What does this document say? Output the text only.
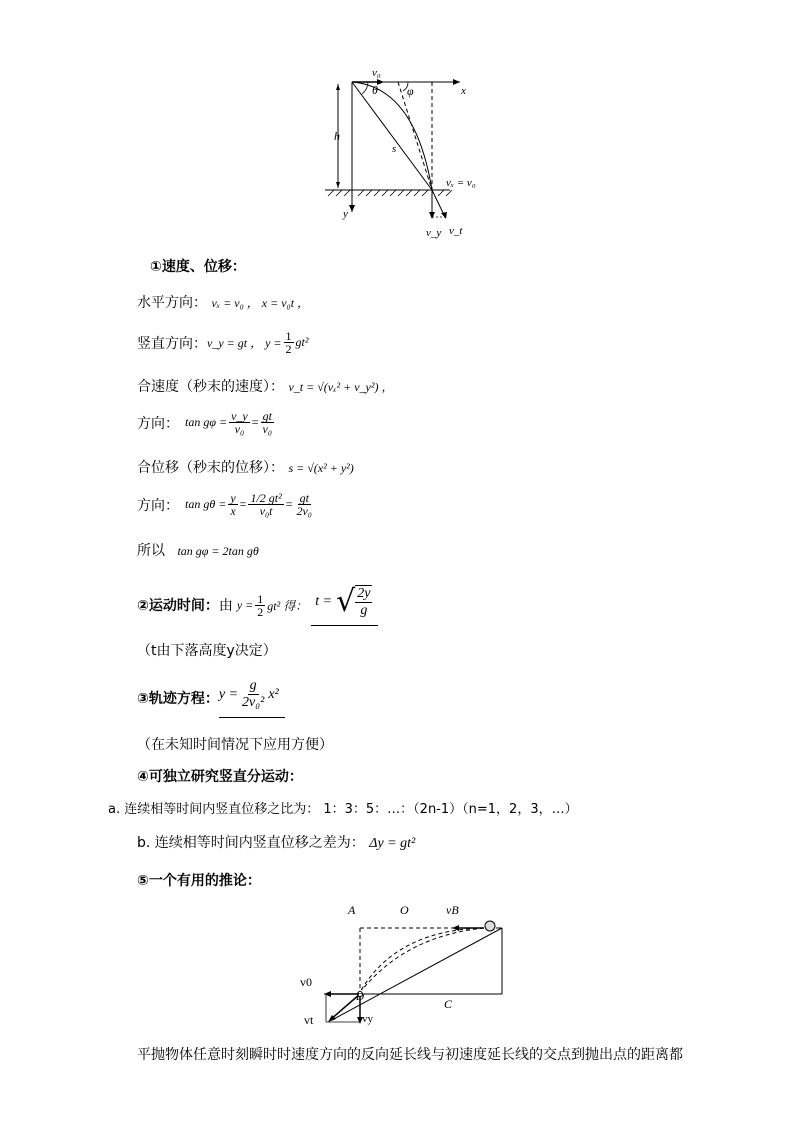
v₀
x
θ φ
h
s
vₓ = v₀
y
v_y v_t
①速度、位移：
水平方向： vₓ = v₀ ， x = v₀t ，
竖直方向： v_y = gt ， $y = \frac{1}{2} gt^2$
合速度（秒末的速度）： v_t = √(vₓ² + v_y²) ，
方向： $\tan g\varphi = \frac{v\_y}{\text{v₀}} = \frac{gt}{\text{v₀}}$
合位移（秒末的位移）： s = √(x² + y²)
方向： $\tan g\theta = \frac{y}{x} = \frac{\text{1/2 gt²}}{\text{v₀t}} = \frac{gt}{\text{2v₀}}$
所以 tan gφ = 2tan gθ
②运动时间： 由 $y = \frac{1}{2} gt^2$ 得： t = √ $\frac{2y}{g}$
（t由下落高度y决定）
③轨迹方程： $y = \frac{g}{\text{2v₀²}} x^2$
（在未知时间情况下应用方便）
④可独立研究竖直分运动：
a. 连续相等时间内竖直位移之比为： 1：3：5：…：（2n-1）（n=1，2，3，…）
b. 连续相等时间内竖直位移之差为： Δy = gt²
⑤一个有用的推论：
A	O	vB
C
v0
vt	vy
D
平抛物体任意时刻瞬时时速度方向的反向延长线与初速度延长线的交点到抛出点的距离都
